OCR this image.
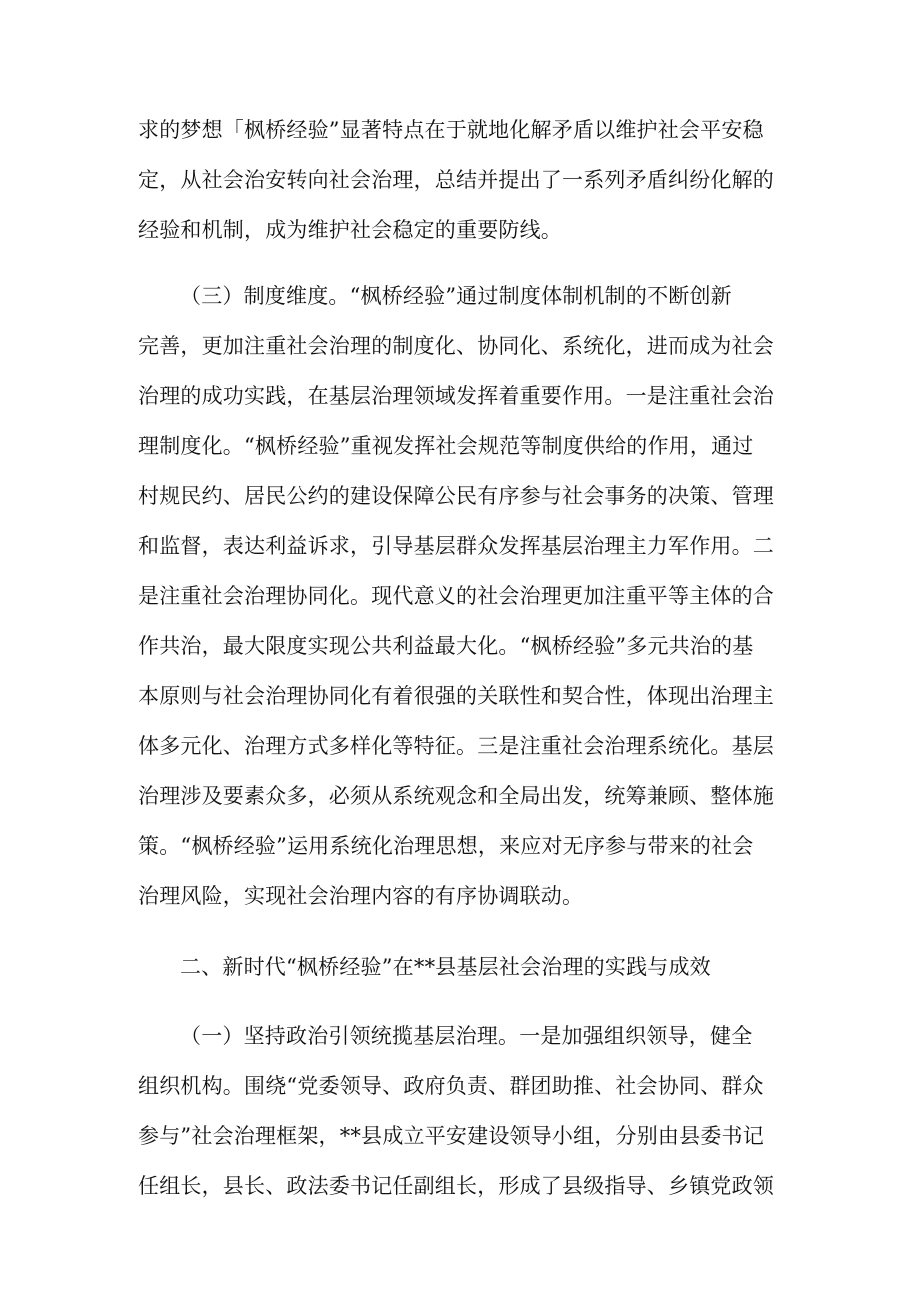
求的梦想「枫桥经验”显著特点在于就地化解矛盾以维护社会平安稳
定，从社会治安转向社会治理，总结并提出了一系列矛盾纠纷化解的
经验和机制，成为维护社会稳定的重要防线。
（三）制度维度。“枫桥经验”通过制度体制机制的不断创新
完善，更加注重社会治理的制度化、协同化、系统化，进而成为社会
治理的成功实践，在基层治理领域发挥着重要作用。一是注重社会治
理制度化。“枫桥经验”重视发挥社会规范等制度供给的作用，通过
村规民约、居民公约的建设保障公民有序参与社会事务的决策、管理
和监督，表达利益诉求，引导基层群众发挥基层治理主力军作用。二
是注重社会治理协同化。现代意义的社会治理更加注重平等主体的合
作共治，最大限度实现公共利益最大化。“枫桥经验”多元共治的基
本原则与社会治理协同化有着很强的关联性和契合性，体现出治理主
体多元化、治理方式多样化等特征。三是注重社会治理系统化。基层
治理涉及要素众多，必须从系统观念和全局出发，统筹兼顾、整体施
策。“枫桥经验”运用系统化治理思想，来应对无序参与带来的社会
治理风险，实现社会治理内容的有序协调联动。
二、新时代“枫桥经验”在**县基层社会治理的实践与成效
（一）坚持政治引领统揽基层治理。一是加强组织领导，健全
组织机构。围绕“党委领导、政府负责、群团助推、社会协同、群众
参与”社会治理框架，**县成立平安建设领导小组，分别由县委书记
任组长，县长、政法委书记任副组长，形成了县级指导、乡镇党政领
